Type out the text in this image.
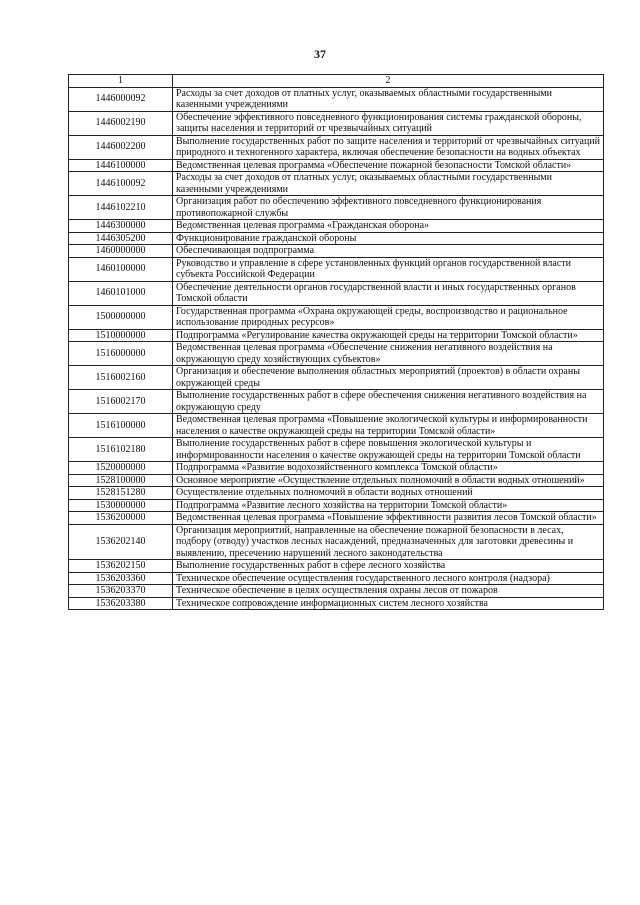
37
1	2
1446000092	Расходы за счет доходов от платных услуг, оказываемых областными государственными казенными учреждениями
1446002190	Обеспечение эффективного повседневного функционирования системы гражданской обороны, защиты населения и территорий от чрезвычайных ситуаций
1446002200	Выполнение государственных работ по защите населения и территорий от чрезвычайных ситуаций природного и техногенного характера, включая обеспечение безопасности на водных объектах
1446100000	Ведомственная целевая программа «Обеспечение пожарной безопасности Томской области»
1446100092	Расходы за счет доходов от платных услуг, оказываемых областными государственными казенными учреждениями
1446102210	Организация работ по обеспечению эффективного повседневного функционирования противопожарной службы
1446300000	Ведомственная целевая программа «Гражданская оборона»
1446305200	Функционирование гражданской обороны
1460000000	Обеспечивающая подпрограмма
1460100000	Руководство и управление в сфере установленных функций органов государственной власти субъекта Российской Федерации
1460101000	Обеспечение деятельности органов государственной власти и иных государственных органов Томской области
1500000000	Государственная программа «Охрана окружающей среды, воспроизводство и рациональное использование природных ресурсов»
1510000000	Подпрограмма «Регулирование качества окружающей среды на территории Томской области»
1516000000	Ведомственная целевая программа «Обеспечение снижения негативного воздействия на окружающую среду хозяйствующих субъектов»
1516002160	Организация и обеспечение выполнения областных мероприятий (проектов) в области охраны окружающей среды
1516002170	Выполнение государственных работ в сфере обеспечения снижения негативного воздействия на окружающую среду
1516100000	Ведомственная целевая программа «Повышение экологической культуры и информированности населения о качестве окружающей среды на территории Томской области»
1516102180	Выполнение государственных работ в сфере повышения экологической культуры и информированности населения о качестве окружающей среды на территории Томской области
1520000000	Подпрограмма «Развитие водохозяйственного комплекса Томской области»
1528100000	Основное мероприятие «Осуществление отдельных полномочий в области водных отношений»
1528151280	Осуществление отдельных полномочий в области водных отношений
1530000000	Подпрограмма «Развитие лесного хозяйства на территории Томской области»
1536200000	Ведомственная целевая программа «Повышение эффективности развития лесов Томской области»
1536202140	Организация мероприятий, направленные на обеспечение пожарной безопасности в лесах, подбору (отводу) участков лесных насаждений, предназначенных для заготовки древесины и выявлению, пресечению нарушений лесного законодательства
1536202150	Выполнение государственных работ в сфере лесного хозяйства
1536203360	Техническое обеспечение осуществления государственного лесного контроля (надзора)
1536203370	Техническое обеспечение в целях осуществления охраны лесов от пожаров
1536203380	Техническое сопровождение информационных систем лесного хозяйства
